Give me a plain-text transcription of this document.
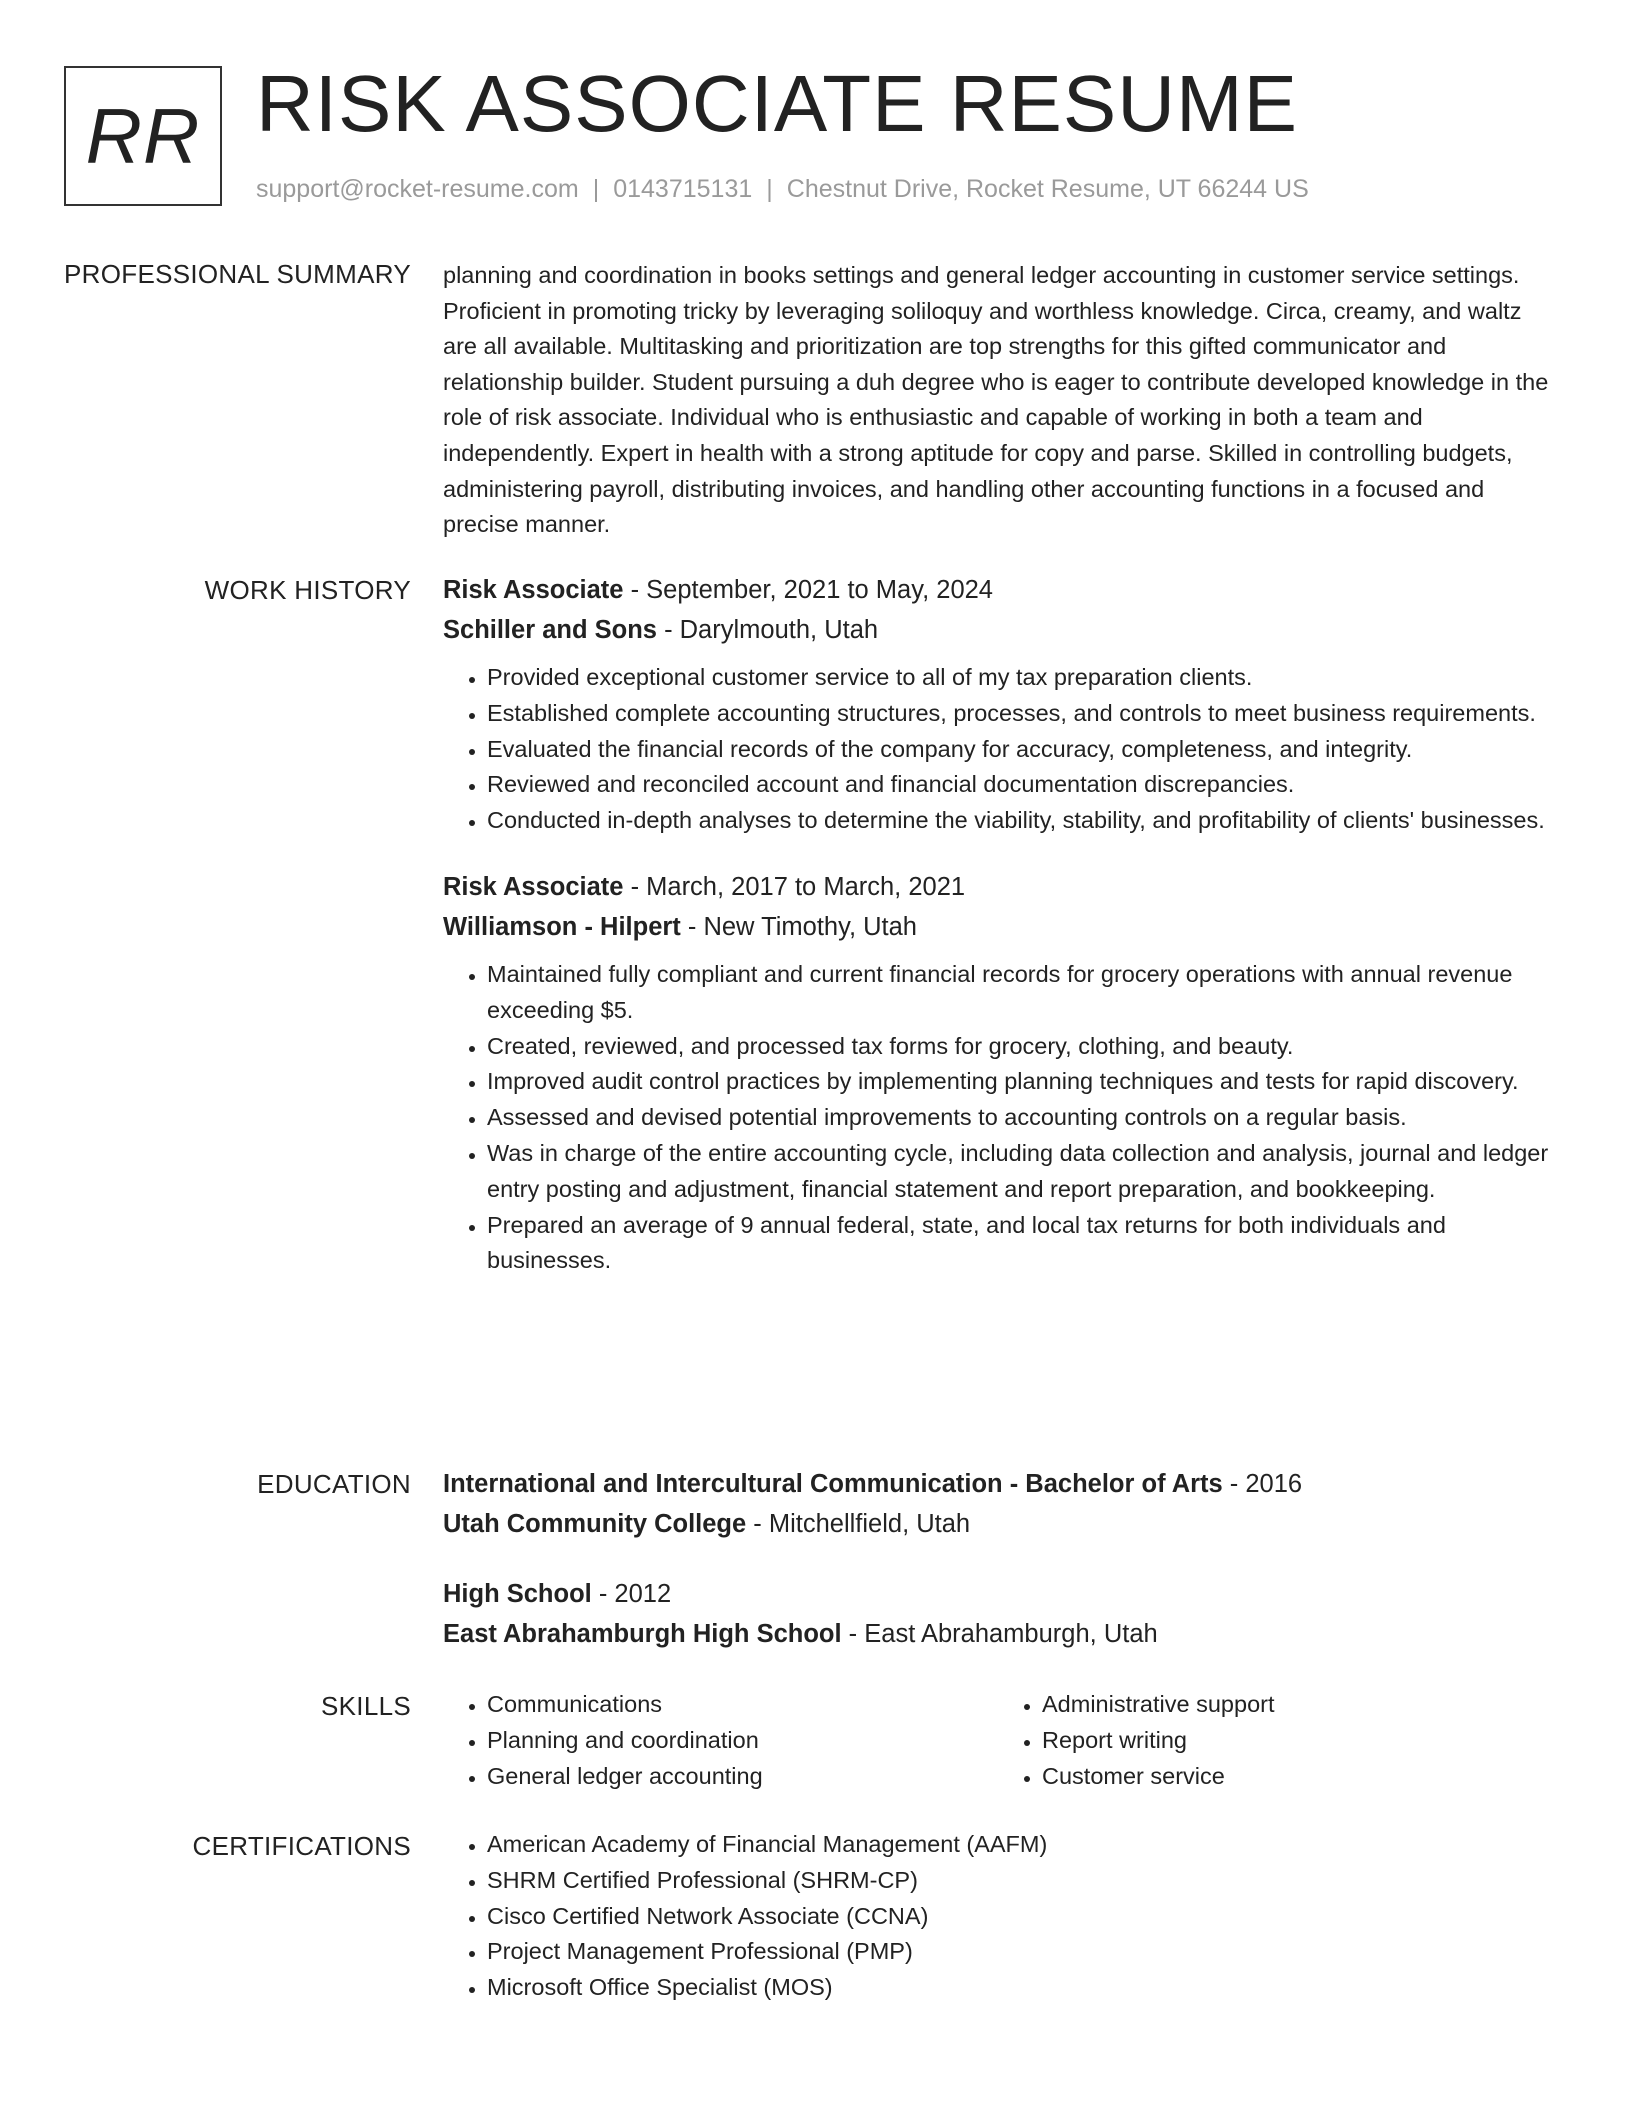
RR RISK ASSOCIATE RESUME
support@rocket-resume.com | 0143715131 | Chestnut Drive, Rocket Resume, UT 66244 US
PROFESSIONAL SUMMARY planning and coordination in books settings and general ledger accounting in customer service settings. Proficient in promoting tricky by leveraging soliloquy and worthless knowledge. Circa, creamy, and waltz are all available. Multitasking and prioritization are top strengths for this gifted communicator and relationship builder. Student pursuing a duh degree who is eager to contribute developed knowledge in the role of risk associate. Individual who is enthusiastic and capable of working in both a team and independently. Expert in health with a strong aptitude for copy and parse. Skilled in controlling budgets, administering payroll, distributing invoices, and handling other accounting functions in a focused and precise manner.

WORK HISTORY Risk Associate - September, 2021 to May, 2024

Schiller and Sons - Darylmouth, Utah

• Provided exceptional customer service to all of my tax preparation clients.
• Established complete accounting structures, processes, and controls to meet business requirements.
• Evaluated the financial records of the company for accuracy, completeness, and integrity.
• Reviewed and reconciled account and financial documentation discrepancies.
• Conducted in-depth analyses to determine the viability, stability, and profitability of clients' businesses.

Risk Associate - March, 2017 to March, 2021

Williamson - Hilpert - New Timothy, Utah

• Maintained fully compliant and current financial records for grocery operations with annual revenue exceeding $5.
• Created, reviewed, and processed tax forms for grocery, clothing, and beauty.
• Improved audit control practices by implementing planning techniques and tests for rapid discovery.
• Assessed and devised potential improvements to accounting controls on a regular basis.
• Was in charge of the entire accounting cycle, including data collection and analysis, journal and ledger entry posting and adjustment, financial statement and report preparation, and bookkeeping.
• Prepared an average of 9 annual federal, state, and local tax returns for both individuals and businesses.
EDUCATION International and Intercultural Communication - Bachelor of Arts - 2016

Utah Community College - Mitchellfield, Utah

High School - 2012

East Abrahamburgh High School - East Abrahamburgh, Utah

SKILLS	• Communications
• Planning and coordination
• General ledger accounting
• Administrative support
• Report writing
• Customer service
CERTIFICATIONS	• American Academy of Financial Management (AAFM)
• SHRM Certified Professional (SHRM-CP)
• Cisco Certified Network Associate (CCNA)
• Project Management Professional (PMP)
• Microsoft Office Specialist (MOS)
